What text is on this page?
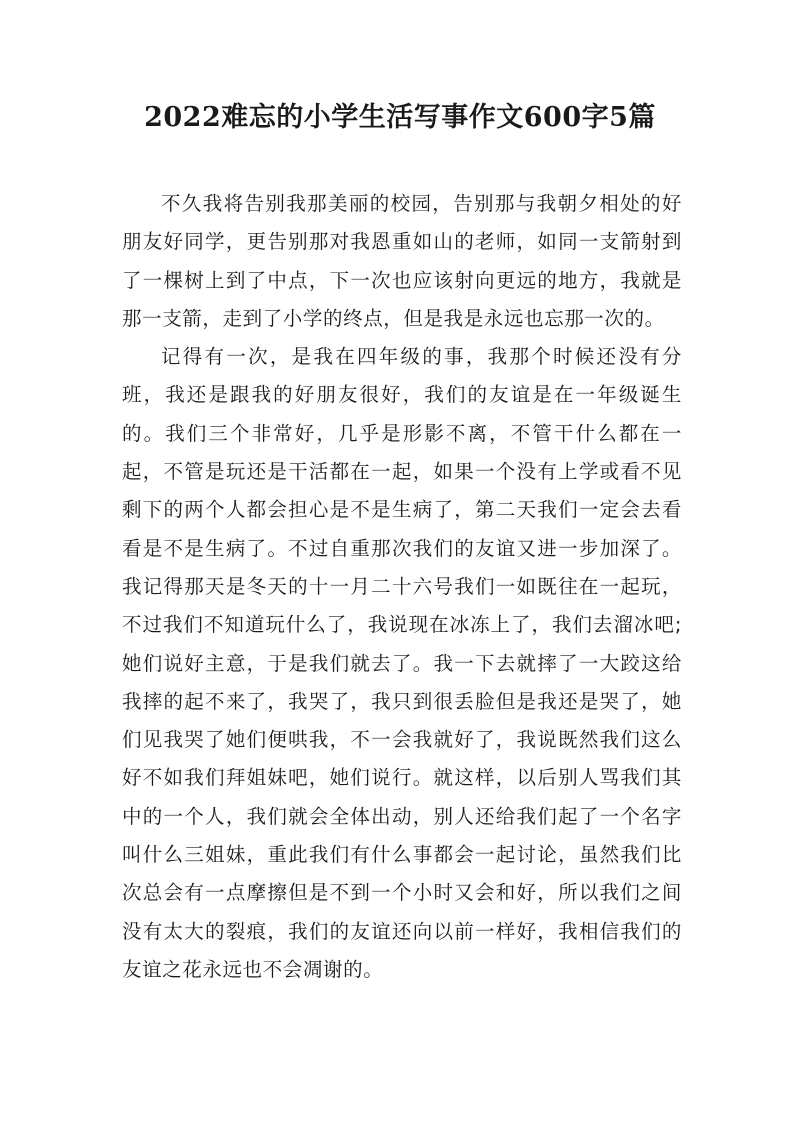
2022难忘的小学生活写事作文600字5篇

不久我将告别我那美丽的校园，告别那与我朝夕相处的好朋友好同学，更告别那对我恩重如山的老师，如同一支箭射到了一棵树上到了中点，下一次也应该射向更远的地方，我就是那一支箭，走到了小学的终点，但是我是永远也忘那一次的。

记得有一次，是我在四年级的事，我那个时候还没有分班，我还是跟我的好朋友很好，我们的友谊是在一年级诞生的。我们三个非常好，几乎是形影不离，不管干什么都在一起，不管是玩还是干活都在一起，如果一个没有上学或看不见剩下的两个人都会担心是不是生病了，第二天我们一定会去看看是不是生病了。不过自重那次我们的友谊又进一步加深了。我记得那天是冬天的十一月二十六号我们一如既往在一起玩，不过我们不知道玩什么了，我说现在冰冻上了，我们去溜冰吧;她们说好主意，于是我们就去了。我一下去就摔了一大跤这给我摔的起不来了，我哭了，我只到很丢脸但是我还是哭了，她们见我哭了她们便哄我，不一会我就好了，我说既然我们这么好不如我们拜姐妹吧，她们说行。就这样，以后别人骂我们其中的一个人，我们就会全体出动，别人还给我们起了一个名字叫什么三姐妹，重此我们有什么事都会一起讨论，虽然我们比次总会有一点摩擦但是不到一个小时又会和好，所以我们之间没有太大的裂痕，我们的友谊还向以前一样好，我相信我们的友谊之花永远也不会凋谢的。
